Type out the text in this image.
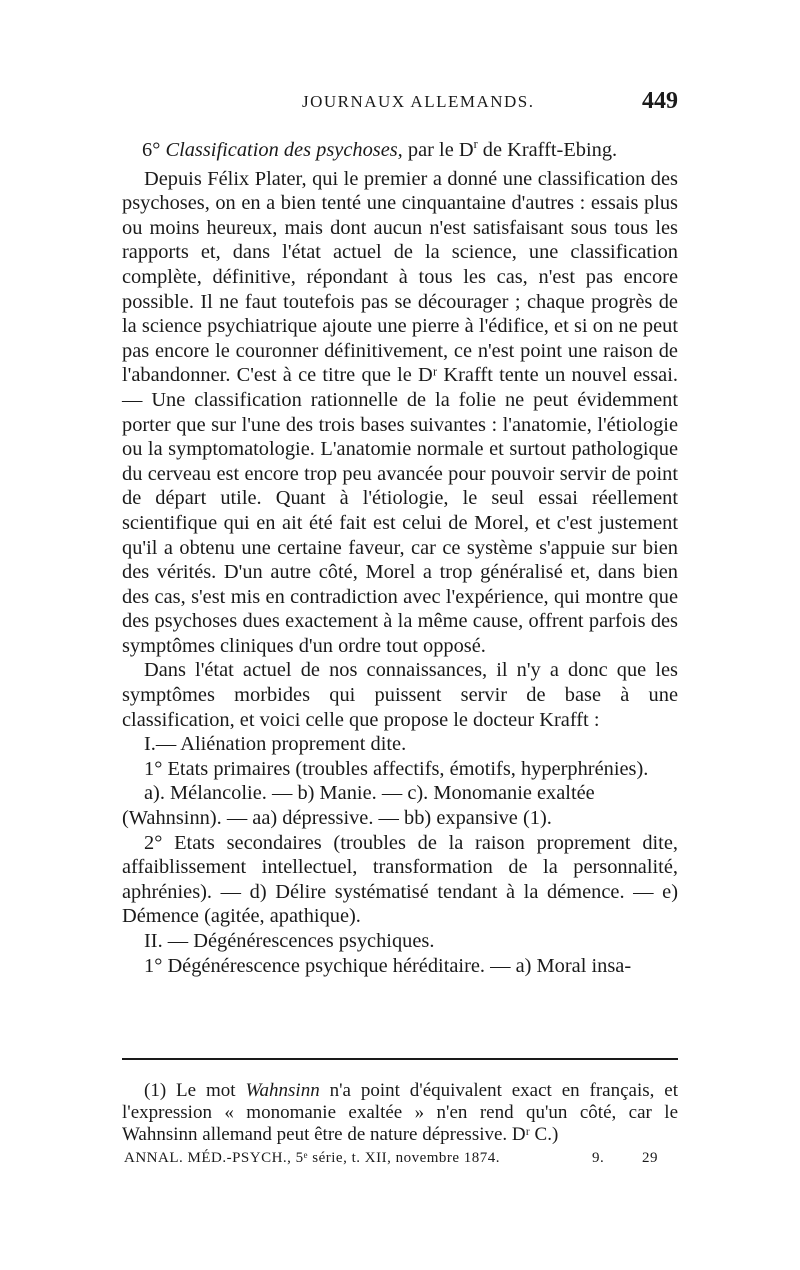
JOURNAUX ALLEMANDS.	449

6° Classification des psychoses, par le $D^r$ de Krafft-Ebing.

Depuis Félix Plater, qui le premier a donné une classification des psychoses, on en a bien tenté une cinquantaine d'autres : essais plus ou moins heureux, mais dont aucun n'est satisfaisant sous tous les rapports et, dans l'état actuel de la science, une classification complète, définitive, répondant à tous les cas, n'est pas encore possible. Il ne faut toutefois pas se décourager ; chaque progrès de la science psychiatrique ajoute une pierre à l'édifice, et si on ne peut pas encore le couronner définitivement, ce n'est point une raison de l'abandonner. C'est à ce titre que le Dʳ Krafft tente un nouvel essai. — Une classification rationnelle de la folie ne peut évidemment porter que sur l'une des trois bases suivantes : l'anatomie, l'étiologie ou la symptomatologie. L'anatomie normale et surtout pathologique du cerveau est encore trop peu avancée pour pouvoir servir de point de départ utile. Quant à l'étiologie, le seul essai réellement scientifique qui en ait été fait est celui de Morel, et c'est justement qu'il a obtenu une certaine faveur, car ce système s'appuie sur bien des vérités. D'un autre côté, Morel a trop généralisé et, dans bien des cas, s'est mis en contradiction avec l'expérience, qui montre que des psychoses dues exactement à la même cause, offrent parfois des symptômes cliniques d'un ordre tout opposé.

Dans l'état actuel de nos connaissances, il n'y a donc que les symptômes morbides qui puissent servir de base à une classification, et voici celle que propose le docteur Krafft :

I.— Aliénation proprement dite.

1° Etats primaires (troubles affectifs, émotifs, hyperphrénies).

a). Mélancolie. — b) Manie. — c). Monomanie exaltée

(Wahnsinn). — aa) dépressive. — bb) expansive (1).

2° Etats secondaires (troubles de la raison proprement dite, affaiblissement intellectuel, transformation de la personnalité, aphrénies). — d) Délire systématisé tendant à la démence. — e) Démence (agitée, apathique).

II. — Dégénérescences psychiques.

1° Dégénérescence psychique héréditaire. — a) Moral insa-

(1) Le mot Wahnsinn n'a point d'équivalent exact en français, et l'expression « monomanie exaltée » n'en rend qu'un côté, car le Wahnsinn allemand peut être de nature dépressive. Dʳ C.)

ANNAL. MÉD.-PSYCH., 5ᵉ série, t. XII, novembre 1874.	9.	29
